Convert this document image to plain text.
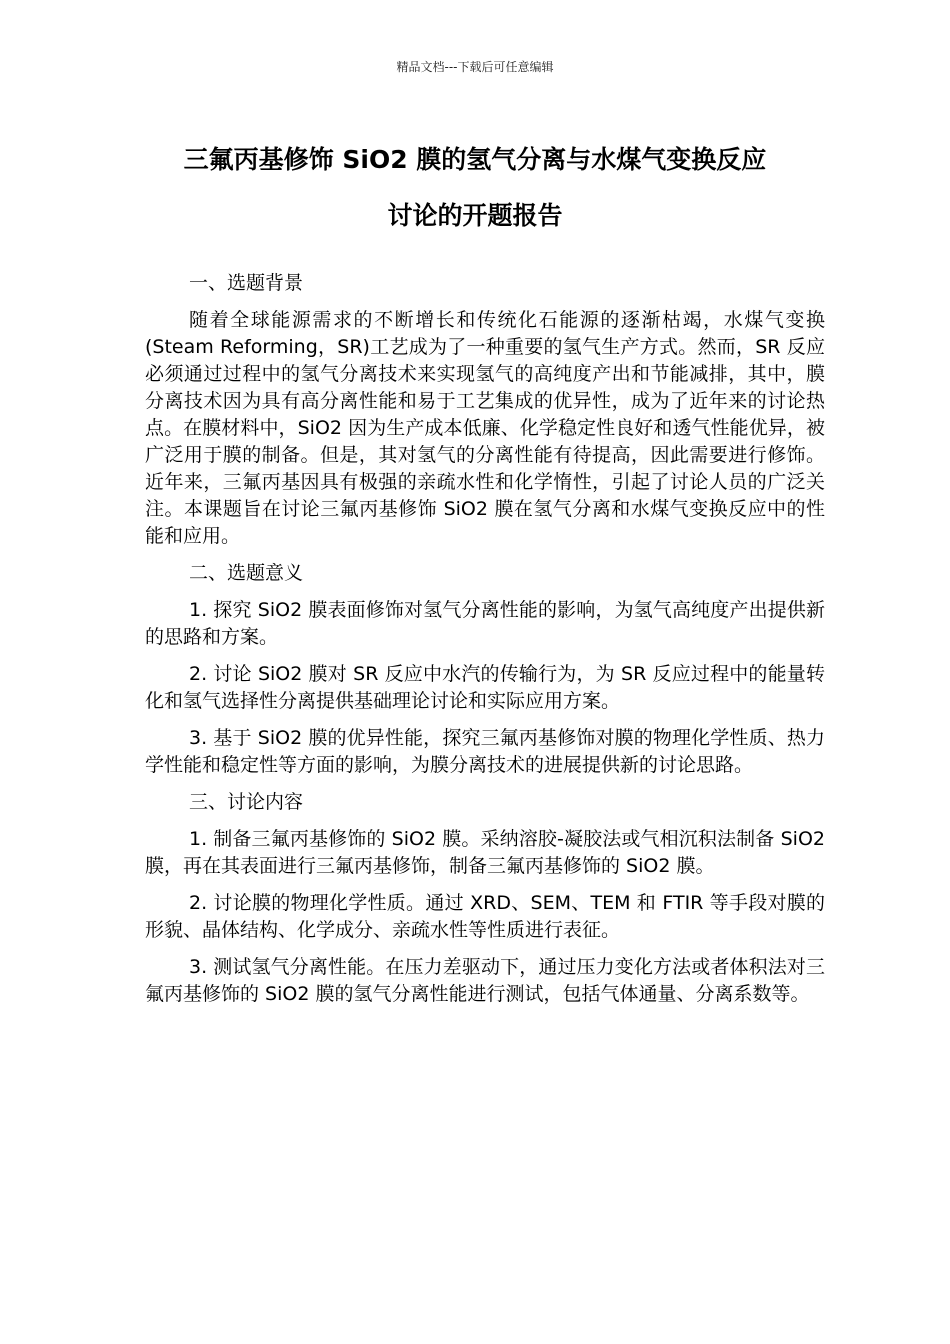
精品文档---下载后可任意编辑
三氟丙基修饰 SiO2 膜的氢气分离与水煤气变换反应
讨论的开题报告

一、选题背景

随着全球能源需求的不断增长和传统化石能源的逐渐枯竭，水煤气变换(Steam Reforming，SR)工艺成为了一种重要的氢气生产方式。然而，SR 反应必须通过过程中的氢气分离技术来实现氢气的高纯度产出和节能减排，其中，膜分离技术因为具有高分离性能和易于工艺集成的优异性，成为了近年来的讨论热点。在膜材料中，SiO2 因为生产成本低廉、化学稳定性良好和透气性能优异，被广泛用于膜的制备。但是，其对氢气的分离性能有待提高，因此需要进行修饰。近年来，三氟丙基因具有极强的亲疏水性和化学惰性，引起了讨论人员的广泛关注。本课题旨在讨论三氟丙基修饰 SiO2 膜在氢气分离和水煤气变换反应中的性能和应用。

二、选题意义

1. 探究 SiO2 膜表面修饰对氢气分离性能的影响，为氢气高纯度产出提供新的思路和方案。

2. 讨论 SiO2 膜对 SR 反应中水汽的传输行为，为 SR 反应过程中的能量转化和氢气选择性分离提供基础理论讨论和实际应用方案。

3. 基于 SiO2 膜的优异性能，探究三氟丙基修饰对膜的物理化学性质、热力学性能和稳定性等方面的影响，为膜分离技术的进展提供新的讨论思路。

三、讨论内容

1. 制备三氟丙基修饰的 SiO2 膜。采纳溶胶-凝胶法或气相沉积法制备 SiO2 膜，再在其表面进行三氟丙基修饰，制备三氟丙基修饰的 SiO2 膜。

2. 讨论膜的物理化学性质。通过 XRD、SEM、TEM 和 FTIR 等手段对膜的形貌、晶体结构、化学成分、亲疏水性等性质进行表征。

3. 测试氢气分离性能。在压力差驱动下，通过压力变化方法或者体积法对三氟丙基修饰的 SiO2 膜的氢气分离性能进行测试，包括气体通量、分离系数等。
